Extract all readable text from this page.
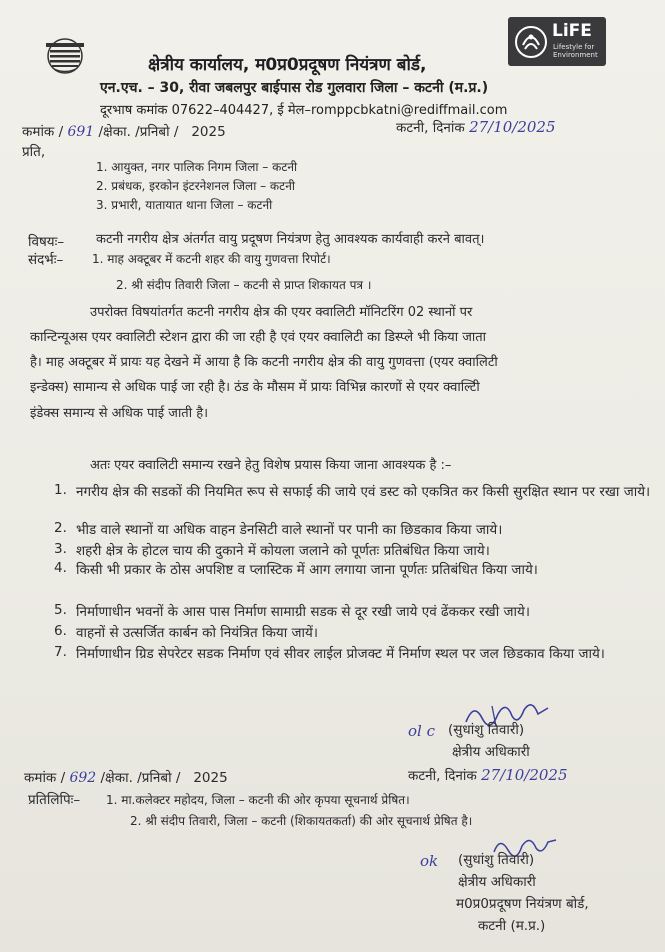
LiFE
Lifestyle for Environment
क्षेत्रीय कार्यालय, म0प्र0प्रदूषण नियंत्रण बोर्ड,
एन.एच. – 30, रीवा जबलपुर बाईपास रोड गुलवारा जिला – कटनी (म.प्र.)
दूरभाष कमांक 07622–404427, ई मेल–romppcbkatni@rediffmail.com
कमांक / 691 /क्षेका. /प्रनिबो / 2025	कटनी, दिनांक 27/10/2025
प्रति,
1. आयुक्त, नगर पालिक निगम जिला – कटनी
2. प्रबंधक, इरकोन इंटरनेशनल जिला – कटनी
3. प्रभारी, यातायात थाना जिला – कटनी
विषयः– कटनी नगरीय क्षेत्र अंतर्गत वायु प्रदूषण नियंत्रण हेतु आवश्यक कार्यवाही करने बावत्।
संदर्भः– 1. माह अक्टूबर में कटनी शहर की वायु गुणवत्ता रिपोर्ट।
2. श्री संदीप तिवारी जिला – कटनी से प्राप्त शिकायत पत्र ।
उपरोक्त विषयांतर्गत कटनी नगरीय क्षेत्र की एयर क्वालिटी मॉनिटरिंग 02 स्थानों पर
कान्टिन्यूअस एयर क्वालिटी स्टेशन द्वारा की जा रही है एवं एयर क्वालिटी का डिस्प्ले भी किया जाता
है। माह अक्टूबर में प्रायः यह देखने में आया है कि कटनी नगरीय क्षेत्र की वायु गुणवत्ता (एयर क्वालिटी
इन्डेक्स) सामान्य से अधिक पाई जा रही है। ठंड के मौसम में प्रायः विभिन्न कारणों से एयर क्वाल्टिी
इंडेक्स समान्य से अधिक पाई जाती है।
अतः एयर क्वालिटी समान्य रखने हेतु विशेष प्रयास किया जाना आवश्यक है :–
1. नगरीय क्षेत्र की सडकों की नियमित रूप से सफाई की जाये एवं डस्ट को एकत्रित कर किसी सुरक्षित स्थान पर रखा जाये।
2. भीड वाले स्थानों या अधिक वाहन डेनसिटी वाले स्थानों पर पानी का छिडकाव किया जाये।
3. शहरी क्षेत्र के होटल चाय की दुकाने में कोयला जलाने को पूर्णतः प्रतिबंधित किया जाये।
4. किसी भी प्रकार के ठोस अपशिष्ट व प्लास्टिक में आग लगाया जाना पूर्णतः प्रतिबंधित किया जाये।
5. निर्माणाधीन भवनों के आस पास निर्माण सामाग्री सडक से दूर रखी जाये एवं ढेंककर रखी जाये।
6. वाहनों से उत्सर्जित कार्बन को नियंत्रित किया जायें।
7. निर्माणाधीन ग्रिड सेपरेटर सडक निर्माण एवं सीवर लाईल प्रोजक्ट में निर्माण स्थल पर जल छिडकाव किया जाये।
ol c (सुधांशु तिवारी)
क्षेत्रीय अधिकारी
कमांक / 692 /क्षेका. /प्रनिबो / 2025	कटनी, दिनांक 27/10/2025
प्रतिलिपिः– 1. मा.कलेक्टर महोदय, जिला – कटनी की ओर कृपया सूचनार्थ प्रेषित।
2. श्री संदीप तिवारी, जिला – कटनी (शिकायतकर्ता) की ओर सूचनार्थ प्रेषित है।
ok (सुधांशु तिवारी)
क्षेत्रीय अधिकारी
म0प्र0प्रदूषण नियंत्रण बोर्ड,
कटनी (म.प्र.)
